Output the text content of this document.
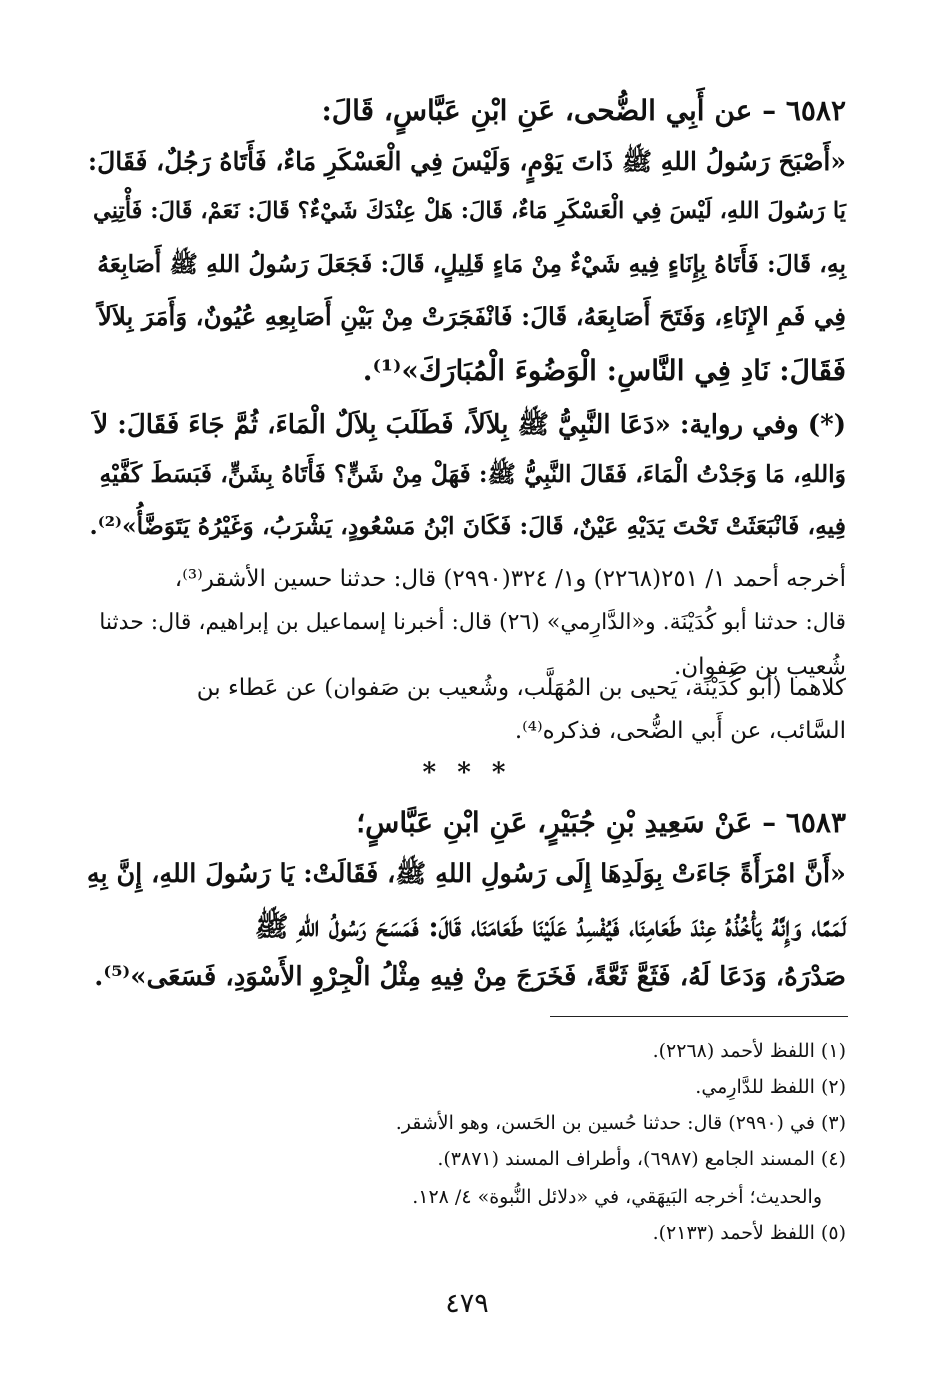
٦٥٨٢ – عن أَبِي الضُّحى، عَنِ ابْنِ عَبَّاسٍ، قَالَ:

«أَصْبَحَ رَسُولُ اللهِ ﷺ ذَاتَ يَوْمٍ، وَلَيْسَ فِي الْعَسْكَرِ مَاءٌ، فَأَتَاهُ رَجُلٌ، فَقَالَ:

يَا رَسُولَ اللهِ، لَيْسَ فِي الْعَسْكَرِ مَاءٌ، قَالَ: هَلْ عِنْدَكَ شَيْءٌ؟ قَالَ: نَعَمْ، قَالَ: فَأْتِنِي

بِهِ، قَالَ: فَأَتَاهُ بِإِنَاءٍ فِيهِ شَيْءٌ مِنْ مَاءٍ قَلِيلٍ، قَالَ: فَجَعَلَ رَسُولُ اللهِ ﷺ أَصَابِعَهُ

فِي فَمِ الإِنَاءِ، وَفَتَحَ أَصَابِعَهُ، قَالَ: فَانْفَجَرَتْ مِنْ بَيْنِ أَصَابِعِهِ عُيُونٌ، وَأَمَرَ بِلاَلاً

فَقَالَ: نَادِ فِي النَّاسِ: الْوَضُوءَ الْمُبَارَكَ»⁽¹⁾.

(*) وفي رواية: «دَعَا النَّبِيُّ ﷺ بِلاَلاً، فَطَلَبَ بِلاَلٌ الْمَاءَ، ثُمَّ جَاءَ فَقَالَ: لاَ

وَاللهِ، مَا وَجَدْتُ الْمَاءَ، فَقَالَ النَّبِيُّ ﷺ: فَهَلْ مِنْ شَنٍّ؟ فَأَتَاهُ بِشَنٍّ، فَبَسَطَ كَفَّيْهِ

فِيهِ، فَانْبَعَثَتْ تَحْتَ يَدَيْهِ عَيْنٌ، قَالَ: فَكَانَ ابْنُ مَسْعُودٍ، يَشْرَبُ، وَغَيْرُهُ يَتَوَضَّأُ»⁽²⁾.

أخرجه أحمد ١/ ٢٥١(٢٢٦٨) و١/ ٣٢٤(٢٩٩٠) قال: حدثنا حسين الأشقر⁽³⁾،

قال: حدثنا أبو كُدَيْنَة. و«الدَّارِمي» (٢٦) قال: أخبرنا إسماعيل بن إبراهيم، قال: حدثنا

شُعيب بن صَفوان.

كلاهما (أبو كُدَيْنَة، يَحيى بن المُهَلَّب، وشُعيب بن صَفوان) عن عَطاء بن

السَّائب، عن أَبي الضُّحى، فذكره⁽⁴⁾.

* * *

٦٥٨٣ – عَنْ سَعِيدِ بْنِ جُبَيْرٍ، عَنِ ابْنِ عَبَّاسٍ؛

«أَنَّ امْرَأَةً جَاءَتْ بِوَلَدِهَا إِلَى رَسُولِ اللهِ ﷺ، فَقَالَتْ: يَا رَسُولَ اللهِ، إِنَّ بِهِ

لَمَمًا، وَإِنَّهُ يَأْخُذُهُ عِنْدَ طَعَامِنَا، فَيُفْسِدُ عَلَيْنَا طَعَامَنَا، قَالَ: فَمَسَحَ رَسُولُ اللهِ ﷺ

صَدْرَهُ، وَدَعَا لَهُ، فَثَعَّ ثَعَّةً، فَخَرَجَ مِنْ فِيهِ مِثْلُ الْجِرْوِ الأَسْوَدِ، فَسَعَى»⁽⁵⁾.

(١) اللفظ لأحمد (٢٢٦٨).

(٢) اللفظ للدَّارِمي.

(٣) في (٢٩٩٠) قال: حدثنا حُسين بن الحَسن، وهو الأشقر.

(٤) المسند الجامع (٦٩٨٧)، وأطراف المسند (٣٨٧١).

والحديث؛ أخرجه البَيهَقي، في «دلائل النُّبوة» ٤/ ١٢٨.

(٥) اللفظ لأحمد (٢١٣٣).

٤٧٩
